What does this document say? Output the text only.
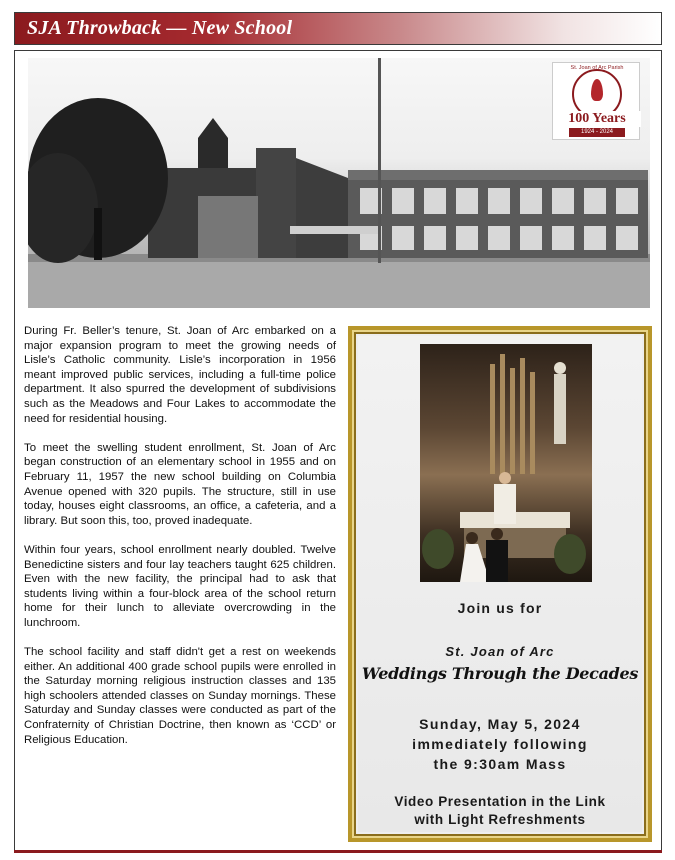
SJA Throwback — New School
St. Joan of Arc Parish
100 Years
1924 - 2024

During Fr. Beller’s tenure, St. Joan of Arc embarked on a major expansion program to meet the growing needs of Lisle’s Catholic community. Lisle’s incorporation in 1956 meant improved public services, including a full-time police department. It also spurred the development of subdivisions such as the Meadows and Four Lakes to accommodate the need for residential housing.

To meet the swelling student enrollment, St. Joan of Arc began construction of an elementary school in 1955 and on February 11, 1957 the new school building on Columbia Avenue opened with 320 pupils. The structure, still in use today, houses eight classrooms, an office, a cafeteria, and a library. But soon this, too, proved inadequate.

Within four years, school enrollment nearly doubled. Twelve Benedictine sisters and four lay teachers taught 625 children. Even with the new facility, the principal had to ask that students living within a four-block area of the school return home for their lunch to alleviate overcrowding in the lunchroom.

The school facility and staff didn't get a rest on weekends either. An additional 400 grade school pupils were enrolled in the Saturday morning religious instruction classes and 135 high schoolers attended classes on Sunday mornings. These Saturday and Sunday classes were conducted as part of the Confraternity of Christian Doctrine, then known as ‘CCD’ or Religious Education.

Join us for
St. Joan of Arc
Weddings Through the Decades
Sunday, May 5, 2024
immediately following
the 9:30am Mass
Video Presentation in the Link
with Light Refreshments
